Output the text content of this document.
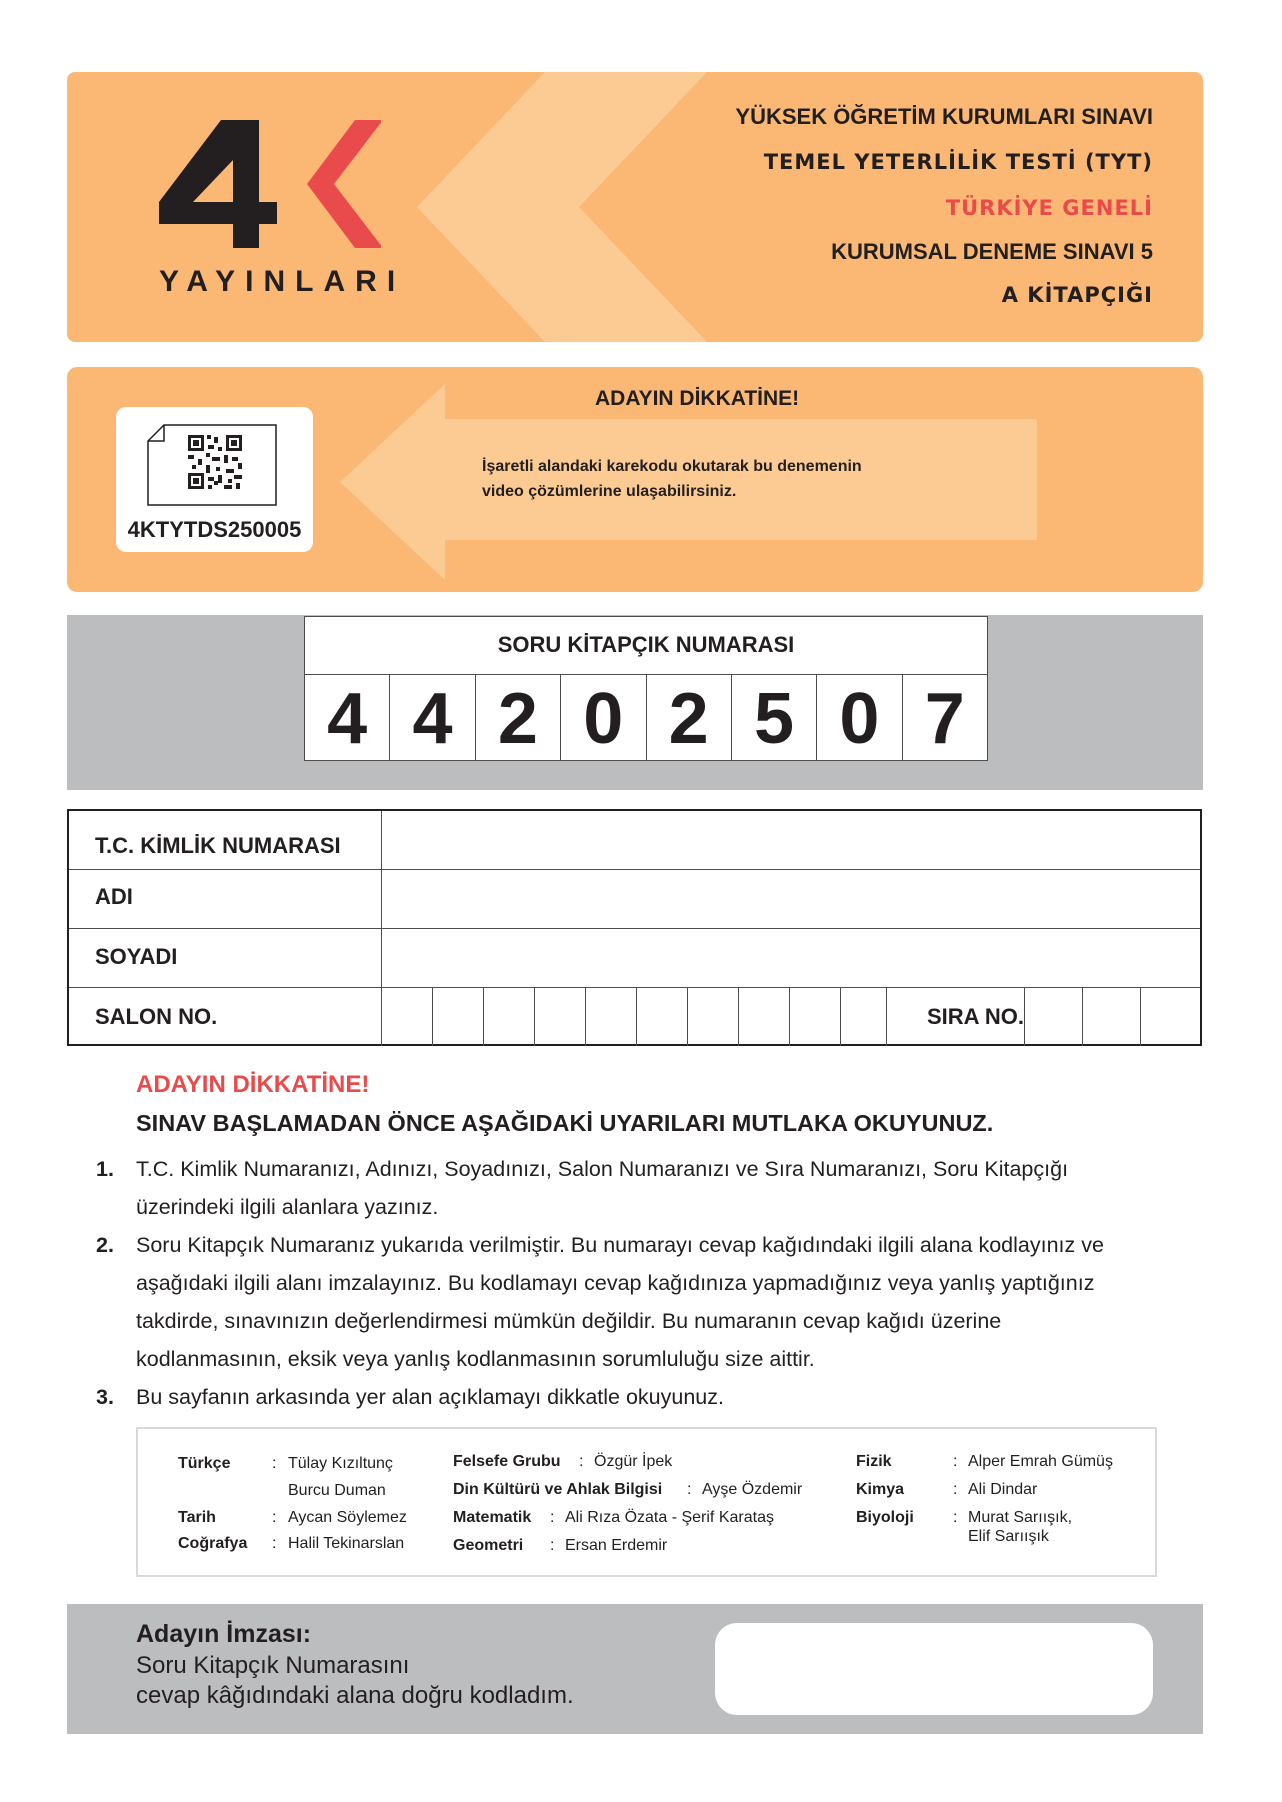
YAYINLARI
YÜKSEK ÖĞRETİM KURUMLARI SINAVI
TEMEL YETERLİLİK TESTİ (TYT)
TÜRKİYE GENELİ
KURUMSAL DENEME SINAVI 5
A KİTAPÇIĞI
4KTYTDS250005
ADAYIN DİKKATİNE!
İşaretli alandaki karekodu okutarak bu denemenin
video çözümlerine ulaşabilirsiniz.
SORU KİTAPÇIK NUMARASI
4 4 2 0 2 5 0 7
T.C. KİMLİK NUMARASI
ADI
SOYADI
SALON NO.	SIRA NO.
ADAYIN DİKKATİNE!
SINAV BAŞLAMADAN ÖNCE AŞAĞIDAKİ UYARILARI MUTLAKA OKUYUNUZ.
1. T.C. Kimlik Numaranızı, Adınızı, Soyadınızı, Salon Numaranızı ve Sıra Numaranızı, Soru Kitapçığı
üzerindeki ilgili alanlara yazınız.
2. Soru Kitapçık Numaranız yukarıda verilmiştir. Bu numarayı cevap kağıdındaki ilgili alana kodlayınız ve
aşağıdaki ilgili alanı imzalayınız. Bu kodlamayı cevap kağıdınıza yapmadığınız veya yanlış yaptığınız
takdirde, sınavınızın değerlendirmesi mümkün değildir. Bu numaranın cevap kağıdı üzerine
kodlanmasının, eksik veya yanlış kodlanmasının sorumluluğu size aittir.
3. Bu sayfanın arkasında yer alan açıklamayı dikkatle okuyunuz.
Türkçe	: Tülay Kızıltunç
Burcu Duman
Tarih	: Aycan Söylemez
Coğrafya : Halil Tekinarslan
Felsefe Grubu : Özgür İpek
Din Kültürü ve Ahlak Bilgisi : Ayşe Özdemir
Matematik : Ali Rıza Özata - Şerif Karataş
Geometri : Ersan Erdemir
Fizik	: Alper Emrah Gümüş
Kimya	: Ali Dindar
Biyoloji : Murat Sarıışık,
Elif Sarıışık
Adayın İmzası:
Soru Kitapçık Numarasını
cevap kâğıdındaki alana doğru kodladım.
